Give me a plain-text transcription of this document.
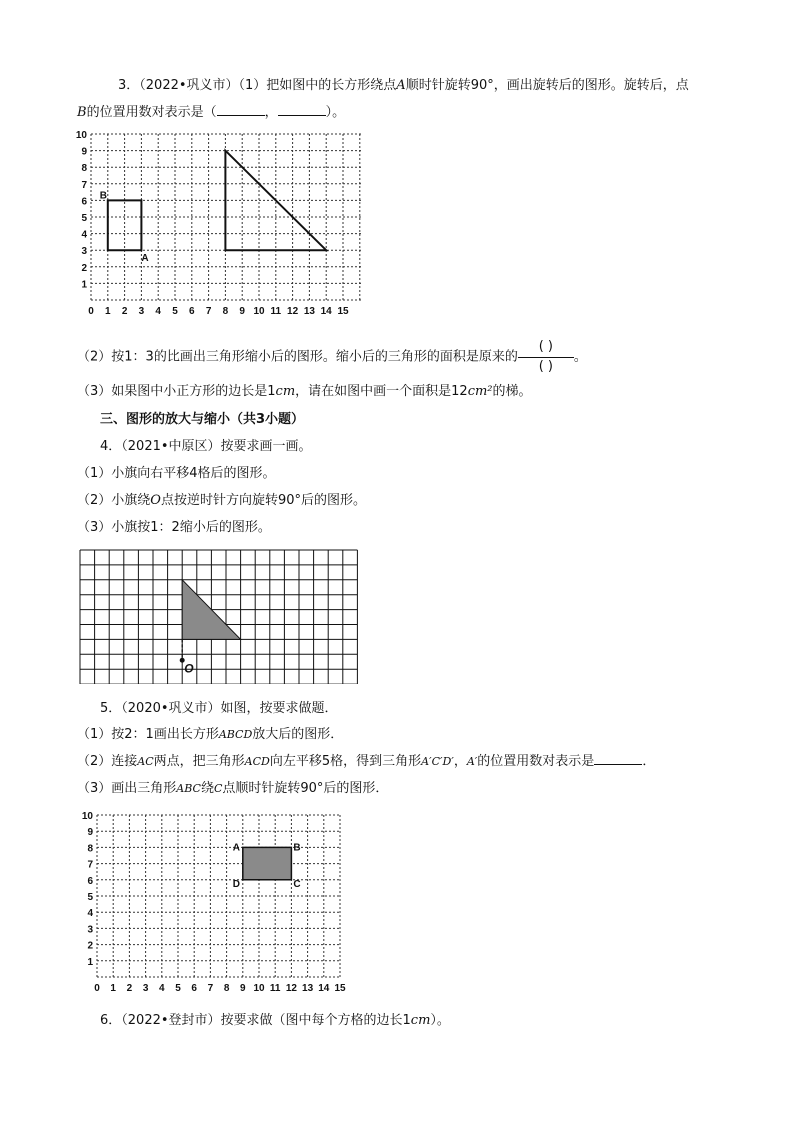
3．（2022•巩义市）（1）把如图中的长方形绕点A顺时针旋转90°，画出旋转后的图形。旋转后，点
B的位置用数对表示是（	，	）。
0 1 2 3 4 5 6 7 8 9 10 11 12 13 14 15
1
2
3
4
5
6
7
8
9
10
B
A
（2）按1：3的比画出三角形缩小后的图形。缩小后的三角形的面积是原来的 $\frac{( )}{( )}$ 。
（3）如果图中小正方形的边长是1cm，请在如图中画一个面积是12cm²的梯。
三、图形的放大与缩小（共3小题）
4．（2021•中原区）按要求画一画。
（1）小旗向右平移4格后的图形。
（2）小旗绕O点按逆时针方向旋转90°后的图形。
（3）小旗按1：2缩小后的图形。
O
5．（2020•巩义市）如图，按要求做题．
（1）按2：1画出长方形ABCD放大后的图形．
（2）连接AC两点，把三角形ACD向左平移5格，得到三角形A′C′D′，A′的位置用数对表示是	．
（3）画出三角形ABC绕C点顺时针旋转90°后的图形．
0 1 2 3 4 5 6 7 8 9 10 11 12 13 14 15
1
2
3
4
5
6
7
8
9
10
A	B
C
D
6．（2022•登封市）按要求做（图中每个方格的边长1cm）。
